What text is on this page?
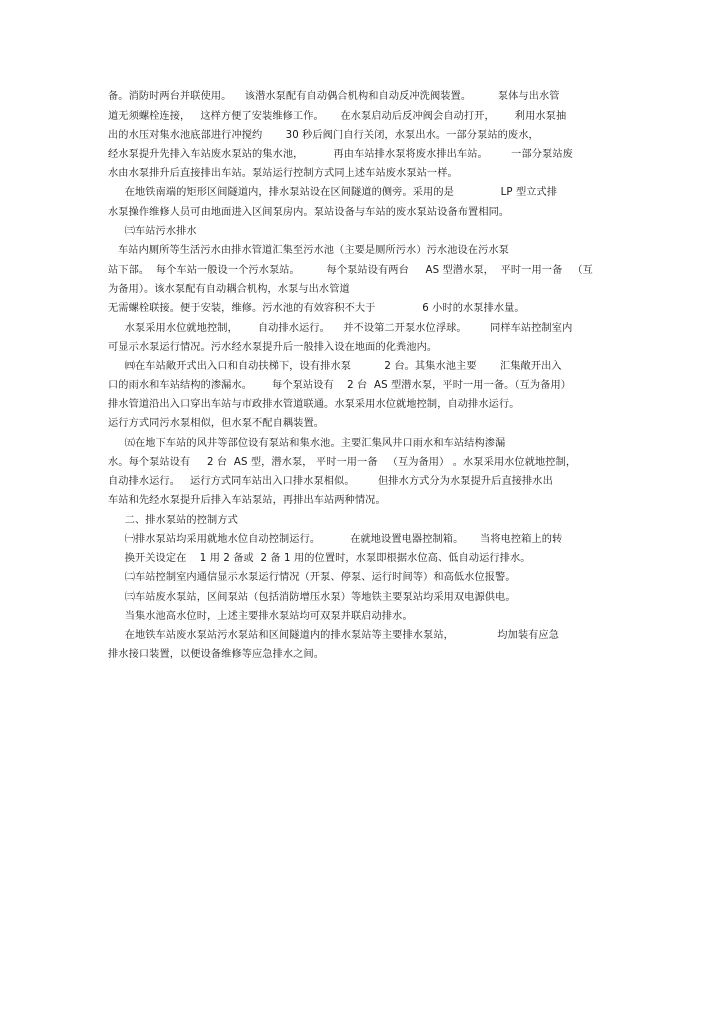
备。消防时两台并联使用。    该潜水泵配有自动偶合机构和自动反冲洗阀装置。        泵体与出水管
道无须螺栓连接，   这样方便了安装维修工作。     在水泵启动后反冲阀会自动打开，      利用水泵抽
出的水压对集水池底部进行冲搅约       30 秒后阀门自行关闭，水泵出水。一部分泵站的废水，
经水泵提升先排入车站废水泵站的集水池，         再由车站排水泵将废水排出车站。       一部分泵站废
水由水泵排升后直接排出车站。泵站运行控制方式同上述车站废水泵站一样。
在地铁南端的矩形区间隧道内，排水泵站设在区间隧道的侧旁。采用的是              LP 型立式排
水泵操作维修人员可由地面进入区间泵房内。泵站设备与车站的废水泵站设备布置相同。
㈢车站污水排水
车站内厕所等生活污水由排水管道汇集至污水池（主要是厕所污水）污水池设在污水泵
站下部。  每个车站一般设一个污水泵站。        每个泵站设有两台     AS 型潜水泵，  平时一用一备   （互
为备用）。该水泵配有自动耦合机构，水泵与出水管道
无需螺栓联接。便于安装，维修。污水池的有效容积不大于              6 小时的水泵排水量。
水泵采用水位就地控制，      自动排水运行。    并不设第二开泵水位浮球。       同样车站控制室内
可显示水泵运行情况。污水经水泵提升后一般排入设在地面的化粪池内。
㈣在车站敞开式出入口和自动扶梯下，设有排水泵          2 台。其集水池主要       汇集敞开出入
口的雨水和车站结构的渗漏水。      每个泵站设有    2 台  AS 型潜水泵，平时一用一备。（互为备用）
排水管道沿出入口穿出车站与市政排水管道联通。水泵采用水位就地控制，自动排水运行。
运行方式同污水泵相似，但水泵不配自耦装置。
㈤在地下车站的风井等部位设有泵站和集水池。主要汇集风井口雨水和车站结构渗漏
水。每个泵站设有     2 台  AS 型，潜水泵， 平时一用一备   （互为备用） 。水泵采用水位就地控制，
自动排水运行。   运行方式同车站出入口排水泵相似。       但排水方式分为水泵提升后直接排水出
车站和先经水泵提升后排入车站泵站，再排出车站两种情况。
二、排水泵站的控制方式
㈠排水泵站均采用就地水位自动控制运行。         在就地设置电器控制箱。     当将电控箱上的转
换开关设定在    1 用 2 备或  2 备 1 用的位置时，水泵即根据水位高、低自动运行排水。
㈡车站控制室内通信显示水泵运行情况（开泵、停泵、运行时间等）和高低水位报警。
㈢车站废水泵站，区间泵站（包括消防增压水泵）等地铁主要泵站均采用双电源供电。
当集水池高水位时，上述主要排水泵站均可双泵并联启动排水。
在地铁车站废水泵站污水泵站和区间隧道内的排水泵站等主要排水泵站，             均加装有应急
排水接口装置，以便设备维修等应急排水之间。
